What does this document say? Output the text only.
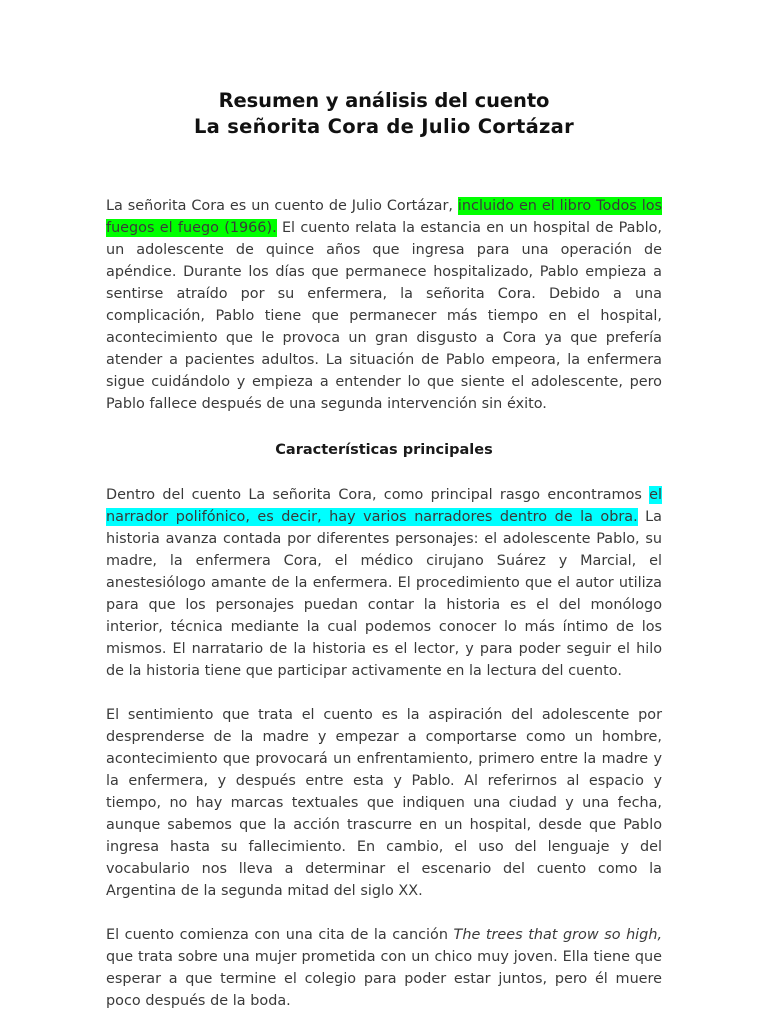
Resumen y análisis del cuento
La señorita Cora de Julio Cortázar

La señorita Cora es un cuento de Julio Cortázar, incluido en el libro Todos los fuegos el fuego (1966). El cuento relata la estancia en un hospital de Pablo, un adolescente de quince años que ingresa para una operación de apéndice. Durante los días que permanece hospitalizado, Pablo empieza a sentirse atraído por su enfermera, la señorita Cora. Debido a una complicación, Pablo tiene que permanecer más tiempo en el hospital, acontecimiento que le provoca un gran disgusto a Cora ya que prefería atender a pacientes adultos. La situación de Pablo empeora, la enfermera sigue cuidándolo y empieza a entender lo que siente el adolescente, pero Pablo fallece después de una segunda intervención sin éxito.

Características principales

Dentro del cuento La señorita Cora, como principal rasgo encontramos el narrador polifónico, es decir, hay varios narradores dentro de la obra. La historia avanza contada por diferentes personajes: el adolescente Pablo, su madre, la enfermera Cora, el médico cirujano Suárez y Marcial, el anestesiólogo amante de la enfermera. El procedimiento que el autor utiliza para que los personajes puedan contar la historia es el del monólogo interior, técnica mediante la cual podemos conocer lo más íntimo de los mismos. El narratario de la historia es el lector, y para poder seguir el hilo de la historia tiene que participar activamente en la lectura del cuento.

El sentimiento que trata el cuento es la aspiración del adolescente por desprenderse de la madre y empezar a comportarse como un hombre, acontecimiento que provocará un enfrentamiento, primero entre la madre y la enfermera, y después entre esta y Pablo. Al referirnos al espacio y tiempo, no hay marcas textuales que indiquen una ciudad y una fecha, aunque sabemos que la acción trascurre en un hospital, desde que Pablo ingresa hasta su fallecimiento. En cambio, el uso del lenguaje y del vocabulario nos lleva a determinar el escenario del cuento como la Argentina de la segunda mitad del siglo XX.

El cuento comienza con una cita de la canción The trees that grow so high, que trata sobre una mujer prometida con un chico muy joven. Ella tiene que esperar a que termine el colegio para poder estar juntos, pero él muere poco después de la boda.
